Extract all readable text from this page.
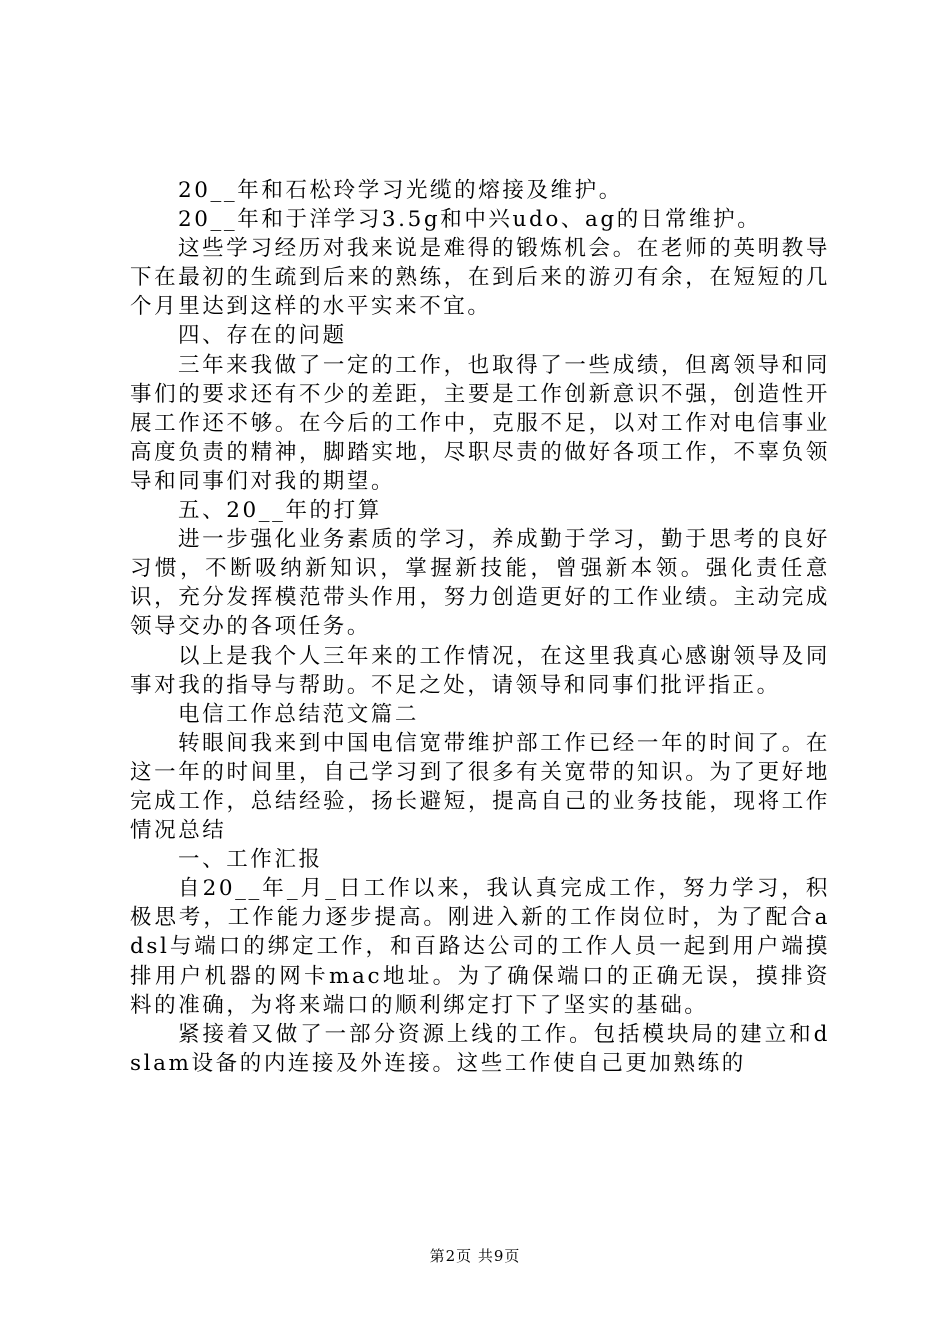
20__年和石松玲学习光缆的熔接及维护。

20__年和于洋学习3.5g和中兴udo、ag的日常维护。

这些学习经历对我来说是难得的锻炼机会。在老师的英明教导下在最初的生疏到后来的熟练，在到后来的游刃有余，在短短的几个月里达到这样的水平实来不宜。

四、存在的问题

三年来我做了一定的工作，也取得了一些成绩，但离领导和同事们的要求还有不少的差距，主要是工作创新意识不强，创造性开展工作还不够。在今后的工作中，克服不足，以对工作对电信事业高度负责的精神，脚踏实地，尽职尽责的做好各项工作，不辜负领导和同事们对我的期望。

五、20__年的打算

进一步强化业务素质的学习，养成勤于学习，勤于思考的良好习惯，不断吸纳新知识，掌握新技能，曾强新本领。强化责任意识，充分发挥模范带头作用，努力创造更好的工作业绩。主动完成领导交办的各项任务。

以上是我个人三年来的工作情况，在这里我真心感谢领导及同事对我的指导与帮助。不足之处，请领导和同事们批评指正。

电信工作总结范文篇二

转眼间我来到中国电信宽带维护部工作已经一年的时间了。在这一年的时间里，自己学习到了很多有关宽带的知识。为了更好地完成工作，总结经验，扬长避短，提高自己的业务技能，现将工作情况总结

一、工作汇报

自20__年_月_日工作以来，我认真完成工作，努力学习，积极思考，工作能力逐步提高。刚进入新的工作岗位时，为了配合adsl与端口的绑定工作，和百路达公司的工作人员一起到用户端摸排用户机器的网卡mac地址。为了确保端口的正确无误，摸排资料的准确，为将来端口的顺利绑定打下了坚实的基础。

紧接着又做了一部分资源上线的工作。包括模块局的建立和dslam设备的内连接及外连接。这些工作使自己更加熟练的

第2页 共9页
